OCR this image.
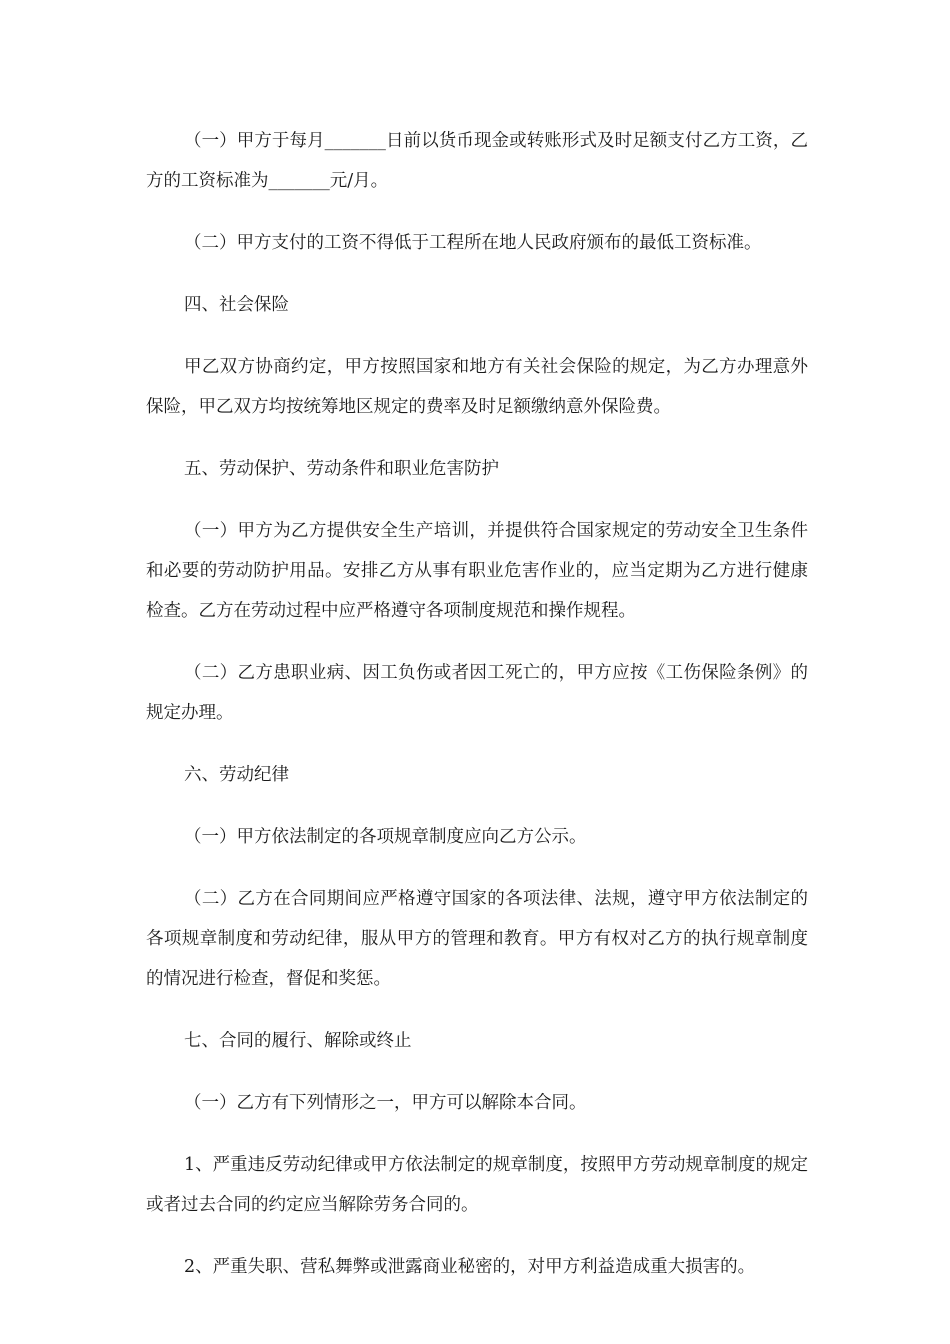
（一）甲方于每月_______日前以货币现金或转账形式及时足额支付乙方工资，乙方的工资标准为_______元/月。

（二）甲方支付的工资不得低于工程所在地人民政府颁布的最低工资标准。

四、社会保险

甲乙双方协商约定，甲方按照国家和地方有关社会保险的规定，为乙方办理意外保险，甲乙双方均按统筹地区规定的费率及时足额缴纳意外保险费。

五、劳动保护、劳动条件和职业危害防护

（一）甲方为乙方提供安全生产培训，并提供符合国家规定的劳动安全卫生条件和必要的劳动防护用品。安排乙方从事有职业危害作业的，应当定期为乙方进行健康检查。乙方在劳动过程中应严格遵守各项制度规范和操作规程。

（二）乙方患职业病、因工负伤或者因工死亡的，甲方应按《工伤保险条例》的规定办理。

六、劳动纪律

（一）甲方依法制定的各项规章制度应向乙方公示。

（二）乙方在合同期间应严格遵守国家的各项法律、法规，遵守甲方依法制定的各项规章制度和劳动纪律，服从甲方的管理和教育。甲方有权对乙方的执行规章制度的情况进行检查，督促和奖惩。

七、合同的履行、解除或终止

（一）乙方有下列情形之一，甲方可以解除本合同。

1、严重违反劳动纪律或甲方依法制定的规章制度，按照甲方劳动规章制度的规定或者过去合同的约定应当解除劳务合同的。

2、严重失职、营私舞弊或泄露商业秘密的，对甲方利益造成重大损害的。
